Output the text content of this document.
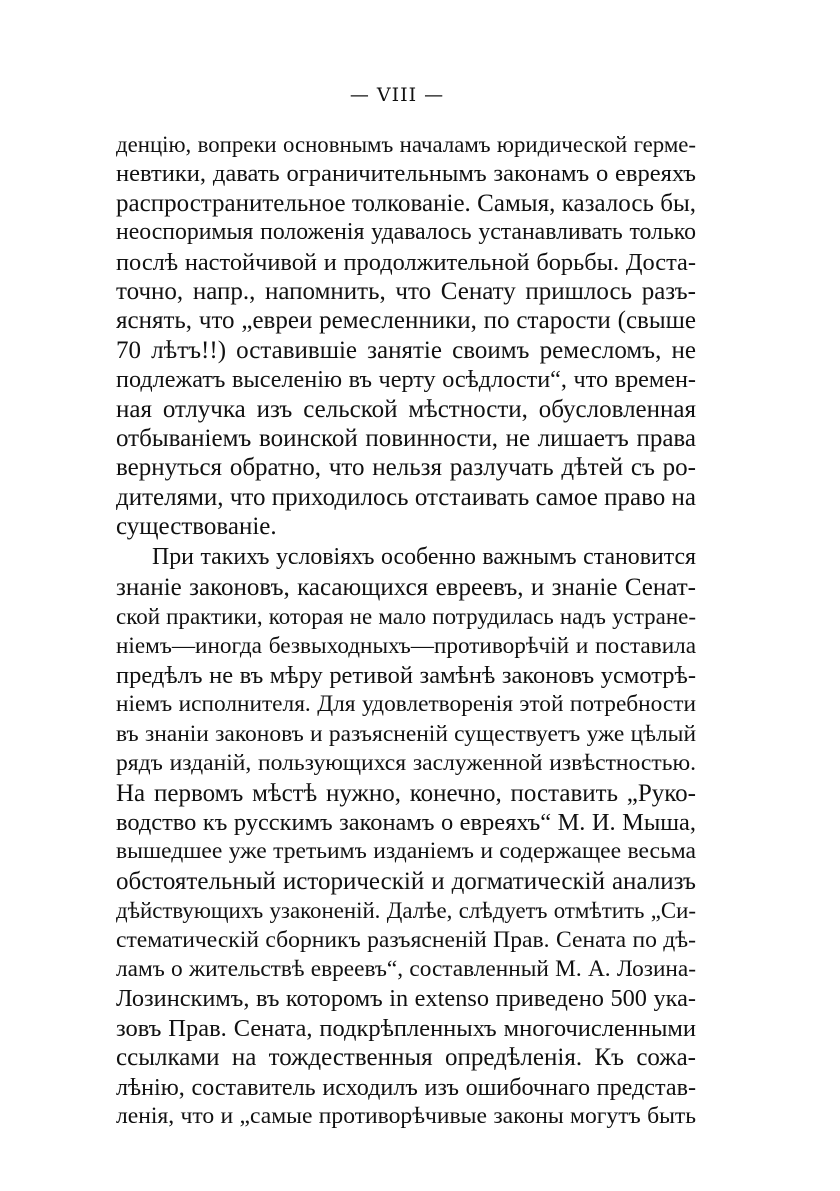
— VIII —
денцію, вопреки основнымъ началамъ юридической герме-
невтики, давать ограничительнымъ законамъ о евреяхъ
распространительное толкованіе. Самыя, казалось бы,
неоспоримыя положенія удавалось устанавливать только
послѣ настойчивой и продолжительной борьбы. Доста-
точно, напр., напомнить, что Сенату пришлось разъ-
яснять, что „евреи ремесленники, по старости (свыше
70 лѣтъ!!) оставившіе занятіе своимъ ремесломъ, не
подлежатъ выселенію въ черту осѣдлости“, что времен-
ная отлучка изъ сельской мѣстности, обусловленная
отбываніемъ воинской повинности, не лишаетъ права
вернуться обратно, что нельзя разлучать дѣтей съ ро-
дителями, что приходилось отстаивать самое право на
существованіе.
При такихъ условіяхъ особенно важнымъ становится
знаніе законовъ, касающихся евреевъ, и знаніе Сенат-
ской практики, которая не мало потрудилась надъ устране-
ніемъ—иногда безвыходныхъ—противорѣчій и поставила
предѣлъ не въ мѣру ретивой замѣнѣ законовъ усмотрѣ-
ніемъ исполнителя. Для удовлетворенія этой потребности
въ знаніи законовъ и разъясненій существуетъ уже цѣлый
рядъ изданій, пользующихся заслуженной извѣстностью.
На первомъ мѣстѣ нужно, конечно, поставить „Руко-
водство къ русскимъ законамъ о евреяхъ“ М. И. Мыша,
вышедшее уже третьимъ изданіемъ и содержащее весьма
обстоятельный историческій и догматическій анализъ
дѣйствующихъ узаконеній. Далѣе, слѣдуетъ отмѣтить „Си-
стематическій сборникъ разъясненій Прав. Сената по дѣ-
ламъ о жительствѣ евреевъ“, составленный М. А. Лозина-
Лозинскимъ, въ которомъ in extenso приведено 500 ука-
зовъ Прав. Сената, подкрѣпленныхъ многочисленными
ссылками на тождественныя опредѣленія. Къ сожа-
лѣнію, составитель исходилъ изъ ошибочнаго представ-
ленія, что и „самые противорѣчивые законы могутъ быть
